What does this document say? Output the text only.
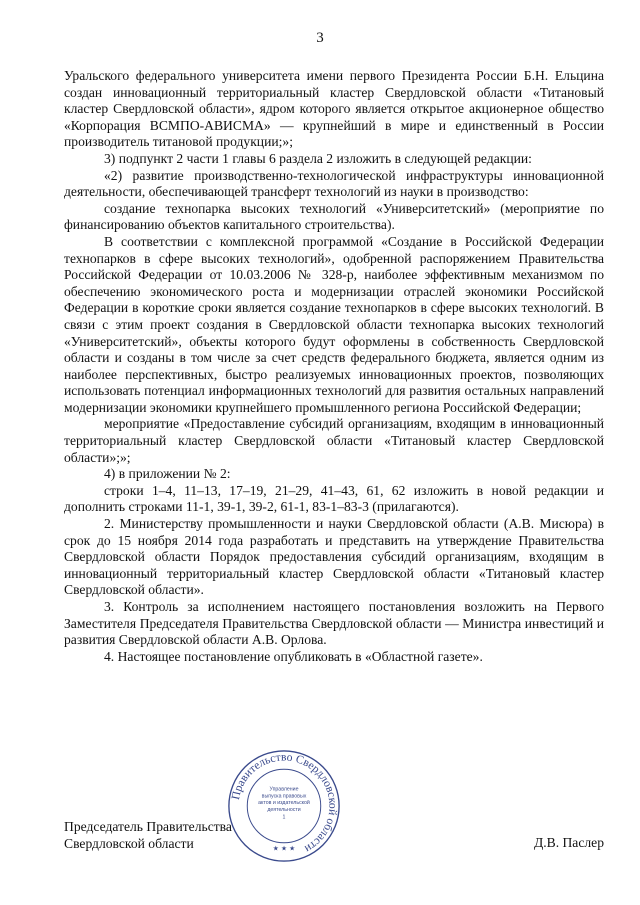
3

Уральского федерального университета имени первого Президента России Б.Н. Ельцина создан инновационный территориальный кластер Свердловской области «Титановый кластер Свердловской области», ядром которого является открытое акционерное общество «Корпорация ВСМПО-АВИСМА» — крупнейший в мире и единственный в России производитель титановой продукции;»;

3) подпункт 2 части 1 главы 6 раздела 2 изложить в следующей редакции:

«2) развитие производственно-технологической инфраструктуры инновационной деятельности, обеспечивающей трансферт технологий из науки в производство:

создание технопарка высоких технологий «Университетский» (мероприятие по финансированию объектов капитального строительства).

В соответствии с комплексной программой «Создание в Российской Федерации технопарков в сфере высоких технологий», одобренной распоряжением Правительства Российской Федерации от 10.03.2006 № 328-р, наиболее эффективным механизмом по обеспечению экономического роста и модернизации отраслей экономики Российской Федерации в короткие сроки является создание технопарков в сфере высоких технологий. В связи с этим проект создания в Свердловской области технопарка высоких технологий «Университетский», объекты которого будут оформлены в собственность Свердловской области и созданы в том числе за счет средств федерального бюджета, является одним из наиболее перспективных, быстро реализуемых инновационных проектов, позволяющих использовать потенциал информационных технологий для развития остальных направлений модернизации экономики крупнейшего промышленного региона Российской Федерации;

мероприятие «Предоставление субсидий организациям, входящим в инновационный территориальный кластер Свердловской области «Титановый кластер Свердловской области»;»;

4) в приложении № 2:

строки 1–4, 11–13, 17–19, 21–29, 41–43, 61, 62 изложить в новой редакции и дополнить строками 11-1, 39-1, 39-2, 61-1, 83-1–83-3 (прилагаются).

2. Министерству промышленности и науки Свердловской области (А.В. Мисюра) в срок до 15 ноября 2014 года разработать и представить на утверждение Правительства Свердловской области Порядок предоставления субсидий организациям, входящим в инновационный территориальный кластер Свердловской области «Титановый кластер Свердловской области».

3. Контроль за исполнением настоящего постановления возложить на Первого Заместителя Председателя Правительства Свердловской области — Министра инвестиций и развития Свердловской области А.В. Орлова.

4. Настоящее постановление опубликовать в «Областной газете».

Председатель Правительства
Свердловской области	Д.В. Паслер
Правительство Свердловской области
Управление
выпуска правовых
актов и издательской
деятельности
1
★ ★ ★
